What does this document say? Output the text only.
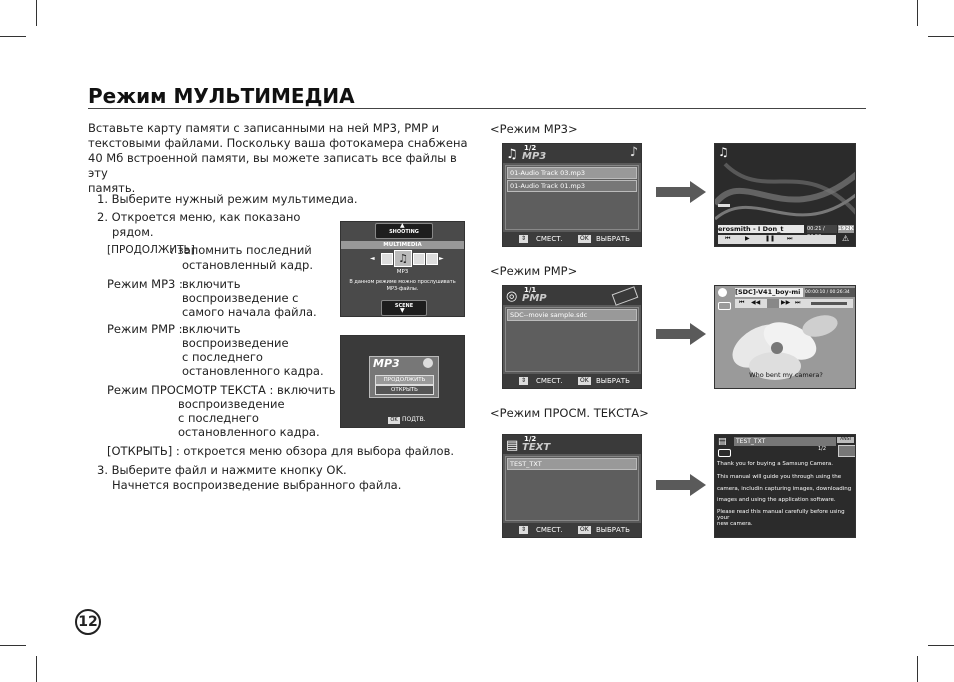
Режим МУЛЬТИМЕДИА
Вставьте карту памяти с записанными на ней MP3, PMP и
текстовыми файлами. Поскольку ваша фотокамера снабжена
40 Мб встроенной памяти, вы можете записать все файлы в эту
память.
1. Выберите нужный режим мультимедиа.
2. Откроется меню, как показано
рядом.
[ПРОДОЛЖИТЬ]
: запомнить последний
остановленный кадр.
Режим MP3 : включить
воспроизведение с
самого начала файла.
Режим PMP : включить
воспроизведение
с последнего
остановленного кадра.
Режим ПРОСМОТР ТЕКСТА : включить
воспроизведение
с последнего
остановленного кадра.
[ОТКРЫТЬ] : откроется меню обзора для выбора файлов.
3. Выберите файл и нажмите кнопку OK.
Начнется воспроизведение выбранного файла.
SHOOTING
▲
MULTIMEDIA
◄	♫	►
MP3
В данном режиме можно прослушивать
MP3-файлы.
SCENE
▼
MP3
ПРОДОЛЖИТЬ
ОТКРЫТЬ
OK ПОДТВ.
<Режим MP3>
<Режим PMP>
<Режим ПРОСМ. ТЕКСТА>
♫ 1/2
MP3	♪
01-Audio Track 03.mp3
01-Audio Track 01.mp3
⇕ СМЕСТ.	OK ВЫБРАТЬ
◎ 1/1
PMP
SDC--movie sample.sdc
⇕ СМЕСТ.	OK ВЫБРАТЬ
▤ 1/2
TEXT
TEST_TXT
⇕ СМЕСТ.	OK ВЫБРАТЬ
♫
erosmith - I Don_t	00:21 /	192K
⏮ ▶	❚❚ ⏭	⚠
[SDC]-V41_boy-mi	00:00:10 / 00:26:34
⏮ ◀◀	▶▶ ⏭
Who bent my camera?
▤	TEST_TXT
1/2
ANSI
Thank you for buying a Samsung Camera.
This manual will guide you through using the
camera, includin capturing images, downloading
images and using the application software.
Please read this manual carefully before using your
new camera.
12
